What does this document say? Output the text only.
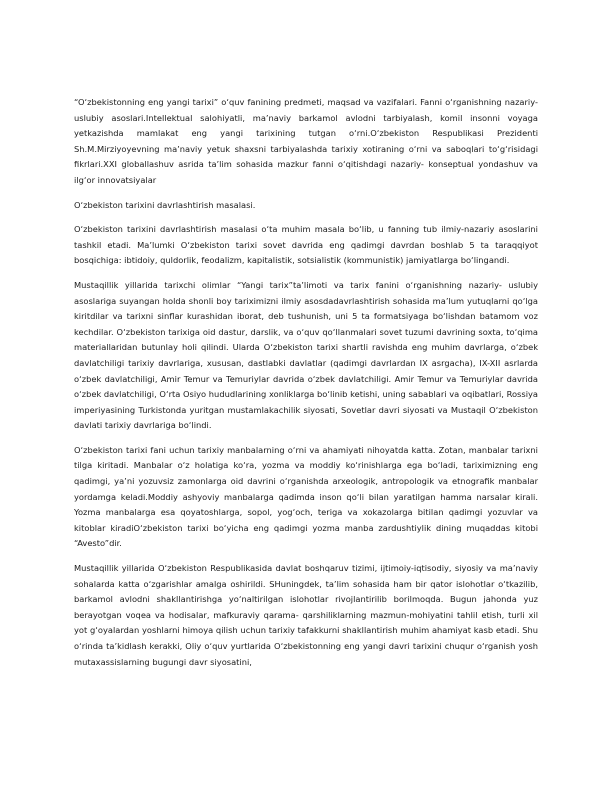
“O‘zbekistonning eng yangi tarixi” o‘quv fanining predmeti, maqsad va vazifalari. Fanni o‘rganishning nazariy-uslubiy asoslari.Intellektual salohiyatli, ma’naviy barkamol avlodni tarbiyalash, komil insonni voyaga yetkazishda mamlakat eng yangi tarixining tutgan o‘rni.O‘zbekiston Respublikasi Prezidenti Sh.M.Mirziyoyevning ma’naviy yetuk shaxsni tarbiyalashda tarixiy xotiraning o‘rni va saboqlari to‘g‘risidagi fikrlari.XXI globallashuv asrida ta’lim sohasida mazkur fanni o‘qitishdagi nazariy- konseptual yondashuv va ilg‘or innovatsiyalar

O‘zbekiston tarixini davrlashtirish masalasi.

O‘zbekiston tarixini davrlashtirish masalasi o‘ta muhim masala bo‘lib, u fanning tub ilmiy-nazariy asoslarini tashkil etadi. Ma’lumki O‘zbekiston tarixi sovet davrida eng qadimgi davrdan boshlab 5 ta taraqqiyot bosqichiga: ibtidoiy, quldorlik, feodalizm, kapitalistik, sotsialistik (kommunistik) jamiyatlarga bo‘lingandi.

Mustaqillik yillarida tarixchi olimlar “Yangi tarix”ta’limoti va tarix fanini o‘rganishning nazariy- uslubiy asoslariga suyangan holda shonli boy tariximizni ilmiy asosdadavrlashtirish sohasida ma’lum yutuqlarni qo‘lga kiritdilar va tarixni sinflar kurashidan iborat, deb tushunish, uni 5 ta formatsiyaga bo‘lishdan batamom voz kechdilar. O‘zbekiston tarixiga oid dastur, darslik, va o‘quv qo‘llanmalari sovet tuzumi davrining soxta, to‘qima materiallaridan butunlay holi qilindi. Ularda O‘zbekiston tarixi shartli ravishda eng muhim davrlarga, o‘zbek davlatchiligi tarixiy davrlariga, xususan, dastlabki davlatlar (qadimgi davrlardan IX asrgacha), IX-XII asrlarda o‘zbek davlatchiligi, Amir Temur va Temuriylar davrida o‘zbek davlatchiligi. Amir Temur va Temuriylar davrida o‘zbek davlatchiligi, O‘rta Osiyo hududlarining xonliklarga bo‘linib ketishi, uning sabablari va oqibatlari, Rossiya imperiyasining Turkistonda yuritgan mustamlakachilik siyosati, Sovetlar davri siyosati va Mustaqil O‘zbekiston davlati tarixiy davrlariga bo‘lindi.

O‘zbekiston tarixi fani uchun tarixiy manbalarning o‘rni va ahamiyati nihoyatda katta. Zotan, manbalar tarixni tilga kiritadi. Manbalar o‘z holatiga ko‘ra, yozma va moddiy ko‘rinishlarga ega bo‘ladi, tariximizning eng qadimgi, ya’ni yozuvsiz zamonlarga oid davrini o‘rganishda arxeologik, antropologik va etnografik manbalar yordamga keladi.Moddiy ashyoviy manbalarga qadimda inson qo‘li bilan yaratilgan hamma narsalar kirali. Yozma manbalarga esa qoyatoshlarga, sopol, yog‘och, teriga va xokazolarga bitilan qadimgi yozuvlar va kitoblar kiradiO‘zbekiston tarixi bo‘yicha eng qadimgi yozma manba zardushtiylik dining muqaddas kitobi “Avesto”dir.

Mustaqillik yillarida O‘zbekiston Respublikasida davlat boshqaruv tizimi, ijtimoiy-iqtisodiy, siyosiy va ma’naviy sohalarda katta o‘zgarishlar amalga oshirildi. SHuningdek, ta’lim sohasida ham bir qator islohotlar o‘tkazilib, barkamol avlodni shakllantirishga yo‘naltirilgan islohotlar rivojlantirilib borilmoqda. Bugun jahonda yuz berayotgan voqea va hodisalar, mafkuraviy qarama- qarshiliklarning mazmun-mohiyatini tahlil etish, turli xil yot g‘oyalardan yoshlarni himoya qilish uchun tarixiy tafakkurni shakllantirish muhim ahamiyat kasb etadi. Shu o‘rinda ta’kidlash kerakki, Oliy o‘quv yurtlarida O‘zbekistonning eng yangi davri tarixini chuqur o‘rganish yosh mutaxassislarning bugungi davr siyosatini,
